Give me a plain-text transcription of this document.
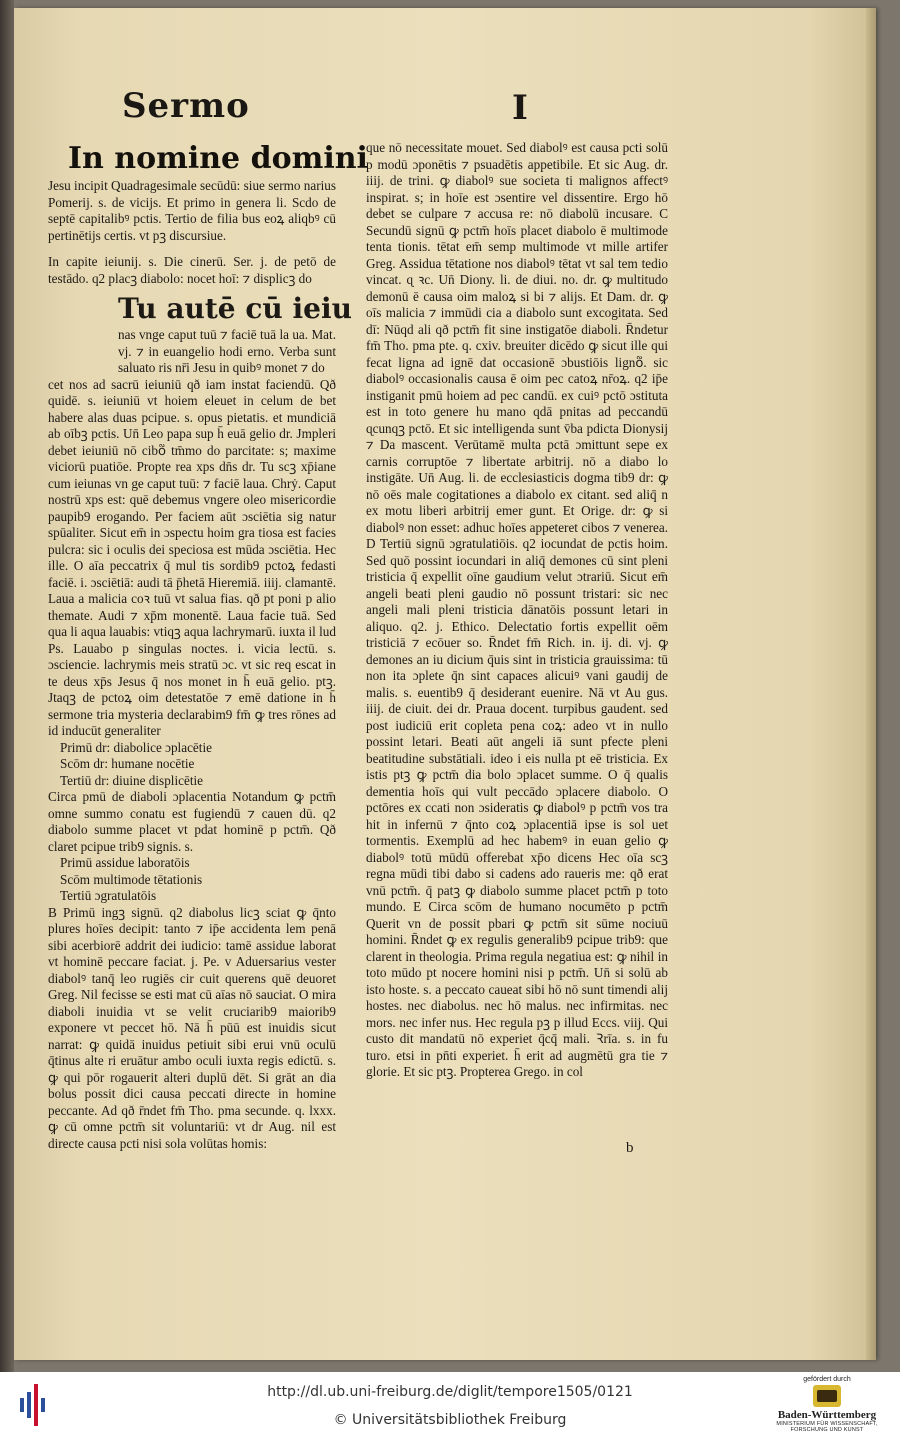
Sermo	I

In nomine domini

Jesu incipit Quadragesimale secūdū: siue sermo narius Pomerij. s. de vicijs. Et primo in genera li. Scdo de septē capitalibꝰ pctis. Tertio de filia bus eoꝝ aliqbꝰ cū pertinētijs certis. vt pꝫ discursiue.

In capite ieiunij. s. Die cinerū. Ser. j. de petō de testādo. q2 placꝫ diabolo: nocet hoī: ⁊ displicꝫ do

Tu autē cū ieiu

nas vnge caput tuū ⁊ faciē tuā la ua. Mat. vj. ⁊ in euangelio hodi erno. Verba sunt saluato ris nr̄i Jesu in quibꝰ monet ⁊ do

cet nos ad sacrū ieiuniū qð iam instat faciendū. Qð quidē. s. ieiuniū vt hoiem eleuet in celum de bet habere alas duas pcipue. s. opus pietatis. et mundiciā ab oībꝫ pctis. Un̄ Leo papa sup h̄ euā gelio dr. Jmpleri debet ieiuniū nō cibo᷑ tm̄mo do parcitate: s; maxime viciorū puatiōe. Propte rea xps dn̄s dr. Tu scꝫ xp̄iane cum ieiunas vn ge caput tuū: ⁊ faciē laua. Chrẏ. Caput nostrū xps est: quē debemus vngere oleo misericordie paupib9 erogando. Per faciem aūt ɔsciētia sig natur spūaliter. Sicut em̄ in ɔspectu hoim gra tiosa est facies pulcra: sic i oculis dei speciosa est mūda ɔsciētia. Hec ille. O aīa peccatrix q̄ mul tis sordib9 pctoꝝ fedasti faciē. i. ɔsciētiā: audi tā p̄hetā Hieremiā. iiij. clamantē. Laua a malicia coꝛ tuū vt salua fias. qð pt poni p alio themate. Audi ⁊ xp̄m monentē. Laua facie tuā. Sed qua li aqua lauabis: vtiqꝫ aqua lachrymarū. iuxta il lud Ps. Lauabo p singulas noctes. i. vicia lectū. s. ɔsciencie. lachrymis meis stratū ɔc. vt sic req escat in te deus xp̄s Jesus q̄ nos monet in h̄ euā gelio. ptꝫ. Jtaqꝫ de pctoꝝ oim detestatōe ⁊ emē datione in h̄ sermone tria mysteria declarabim9 fm̄ ꝙ tres rōnes ad id inducūt generaliter

Primū dr: diabolice ɔplacētie

Scōm dr: humane nocētie

Tertiū dr: diuine displicētie

Circa pmū de diaboli ɔplacentia Notandum ꝙ pctm̄ omne summo conatu est fugiendū ⁊ cauen dū. q2 diabolo summe placet vt pdat hominē p pctm̄. Qð claret pcipue trib9 signis. s.

Primū assidue laboratōis

Scōm multimode tētationis

Tertiū ɔgratulatōis

B Primū ingꝫ signū. q2 diabolus licꝫ sciat ꝙ q̄nto plures hoīes decipit: tanto ⁊ ip̄e accidenta lem penā sibi acerbiorē addrit dei iudicio: tamē assidue laborat vt hominē peccare faciat. j. Pe. v Aduersarius vester diabolꝰ tanq̄ leo rugiēs cir cuit querens quē deuoret Greg. Nil fecisse se esti mat cū aīas nō sauciat. O mira diaboli inuidia vt se velit cruciarib9 maiorib9 exponere vt peccet hō. Nā h̄ pūū est inuidis sicut narrat: ꝙ quidā inuidus petiuit sibi erui vnū oculū q̄tinus alte ri eruātur ambo oculi iuxta regis edictū. s. ꝙ qui pōr rogauerit alteri duplū dēt. Si grāt an dia bolus possit dici causa peccati directe in homine peccante. Ad qð r̄ndet fm̄ Tho. pma secunde. q. lxxx. ꝙ cū omne pctm̄ sit voluntariū: vt dr Aug. nil est directe causa pcti nisi sola volūtas homis:

que nō necessitate mouet. Sed diabolꝰ est causa pcti solū p modū ɔponētis ⁊ psuadētis appetibile. Et sic Aug. dr. iiij. de trini. ꝙ diabolꝰ sue societa ti malignos affectꝰ inspirat. s; in hoīe est ɔsentire vel dissentire. Ergo hō debet se culpare ⁊ accusa re: nō diabolū incusare. C Secundū signū ꝙ pctm̄ hoīs placet diabolo ē multimode tenta tionis. tētat em̄ semp multimode vt mille artifer Greg. Assidua tētatione nos diabolꝰ tētat vt sal tem tedio vincat. ɋ ꝛc. Un̄ Diony. li. de diui. no. dr. ꝙ multitudo demonū ē causa oim maloꝝ si bi ⁊ alijs. Et Dam. dr. ꝙ oīs malicia ⁊ immūdi cia a diabolo sunt excogitata. Sed dī: Nūqd ali qð pctm̄ fit sine instigatōe diaboli. R̄ndetur fm̄ Tho. pma pte. q. cxiv. breuiter dicēdo ꝙ sicut ille qui fecat ligna ad ignē dat occasionē ɔbustiōis ligno᷑. sic diabolꝰ occasionalis causa ē oim pec catoꝝ nr̄oꝝ. q2 ip̄e instiganit pmū hoiem ad pec candū. ex cuiꝰ pctō ɔstituta est in toto genere hu mano qdā pnitas ad peccandū ɋcunqꝫ pctō. Et sic intelligenda sunt v̄ba pdicta Dionysij ⁊ Da mascent. Verūtamē multa pctā ɔmittunt sepe ex carnis corruptōe ⁊ libertate arbitrij. nō a diabo lo instigāte. Un̄ Aug. li. de ecclesiasticis dogma tib9 dr: ꝙ nō oēs male cogitationes a diabolo ex citant. sed aliq̄ n ex motu liberi arbitrij emer gunt. Et Orige. dr: ꝙ si diabolꝰ non esset: adhuc hoīes appeteret cibos ⁊ venerea. D Tertiū signū ɔgratulatiōis. q2 iocundat de pctis hoim. Sed quō possint iocundari in aliq̄ demones cū sint pleni tristicia q̄ expellit oīne gaudium velut ɔtrariū. Sicut em̄ angeli beati pleni gaudio nō possunt tristari: sic nec angeli mali pleni tristicia dānatōis possunt letari in aliquo. q2. j. Ethico. Delectatio fortis expellit oēm tristiciā ⁊ ecōuer so. R̄ndet fm̄ Rich. in. ij. di. vj. ꝙ demones an iu dicium q̄uis sint in tristicia grauissima: tū non ita ɔplete q̄n sint capaces alicuiꝰ vani gaudij de malis. s. euentib9 q̄ desiderant euenire. Nā vt Au gus. iiij. de ciuit. dei dr. Praua docent. turpibus gaudent. sed post iudiciū erit copleta pena coꝝ: adeo vt in nullo possint letari. Beati aūt angeli iā sunt pfecte pleni beatitudine substātiali. ideo i eis nulla pt eē tristicia. Ex istis ptꝫ ꝙ pctm̄ dia bolo ɔplacet summe. O q̄ qualis dementia hoīs qui vult peccādo ɔplacere diabolo. O pctōres ex ccati non ɔsideratis ꝙ diabolꝰ p pctm̄ vos tra hit in infernū ⁊ q̄nto coꝝ ɔplacentiā ipse is sol uet tormentis. Exemplū ad hec habemꝰ in euan gelio ꝙ diabolꝰ totū mūdū offerebat xp̄o dicens Hec oīa scꝫ regna mūdi tibi dabo si cadens ado raueris me: qð erat vnū pctm̄. q̄ patꝫ ꝙ diabolo summe placet pctm̄ p toto mundo. E Circa scōm de humano nocumēto p pctm̄ Querit vn de possit pbari ꝙ pctm̄ sit sūme nociuū homini. R̄ndet ꝙ ex regulis generalib9 pcipue trib9: que clarent in theologia. Prima regula negatiua est: ꝙ nihil in toto mūdo pt nocere homini nisi p pctm̄. Un̄ si solū ab isto hoste. s. a peccato caueat sibi hō nō sunt timendi alij hostes. nec diabolus. nec hō malus. nec infirmitas. nec mors. nec infer nus. Hec regula pꝫ p illud Eccs. viij. Qui custo dit mandatū nō experiet q̄cq̄ mali. Ꝛrīa. s. in fu turo. etsi in pn̄ti experiet. h̄ erit ad augmētū gra tie ⁊ glorie. Et sic ptꝫ. Propterea Grego. in col

b
http://dl.ub.uni-freiburg.de/diglit/tempore1505/0121
© Universitätsbibliothek Freiburg
gefördert durch
Baden-Württemberg
MINISTERIUM FÜR WISSENSCHAFT, FORSCHUNG UND KUNST
